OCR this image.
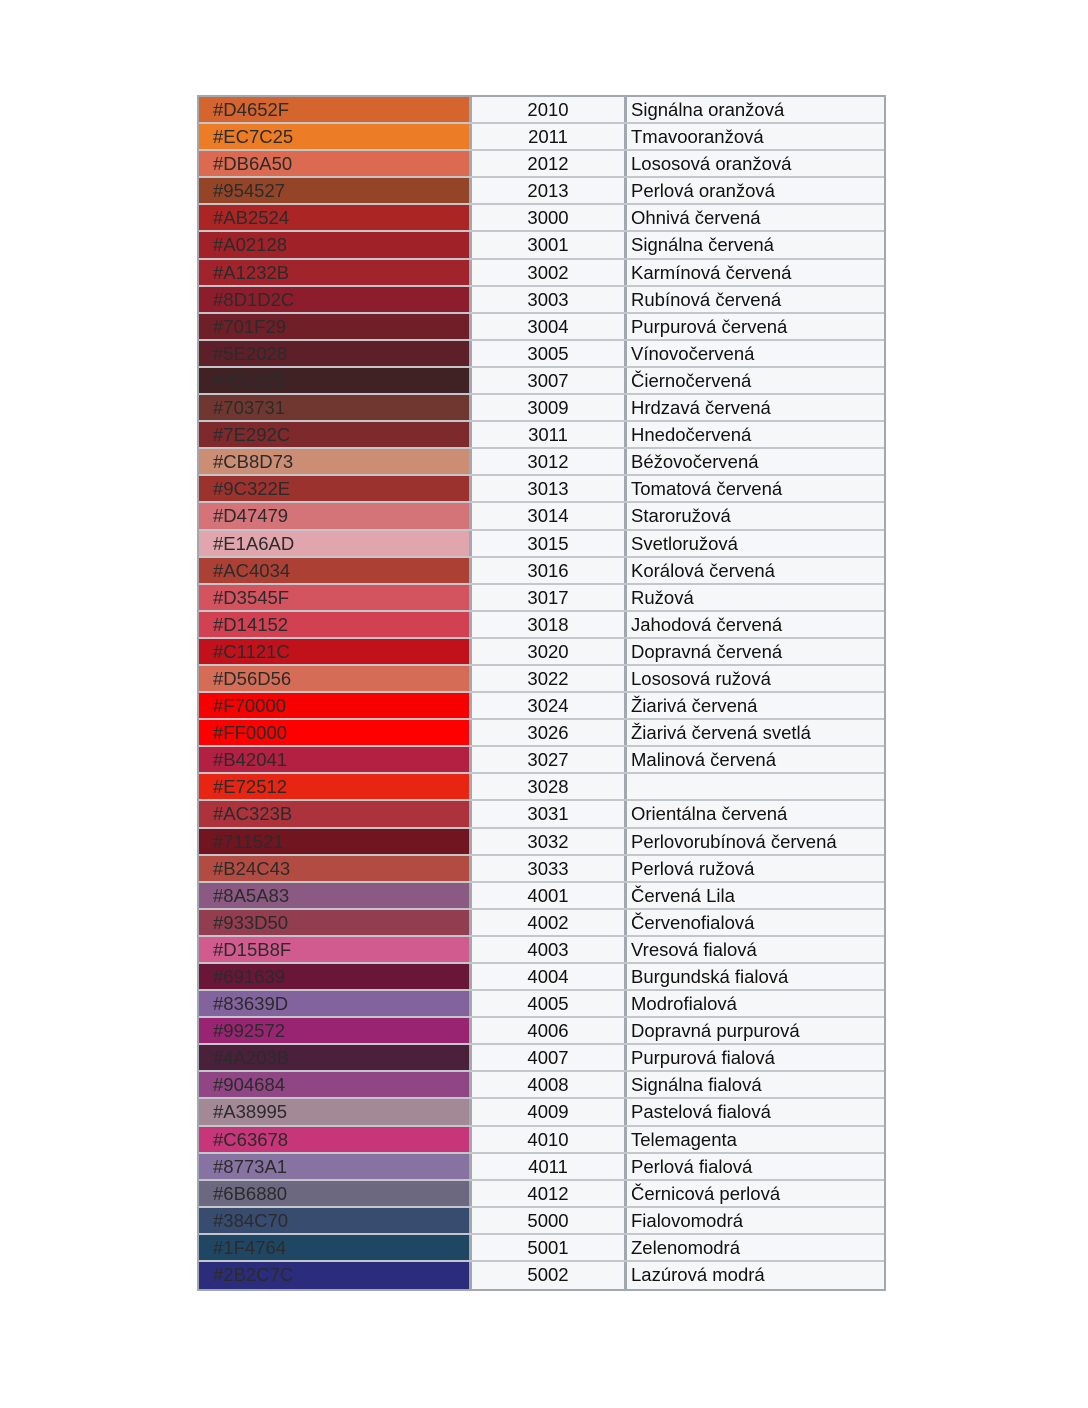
#D4652F	2010	Signálna oranžová
#EC7C25	2011	Tmavooranžová
#DB6A50	2012	Lososová oranžová
#954527	2013	Perlová oranžová
#AB2524	3000	Ohnivá červená
#A02128	3001	Signálna červená
#A1232B	3002	Karmínová červená
#8D1D2C	3003	Rubínová červená
#701F29	3004	Purpurová červená
#5E2028	3005	Vínovočervená
#402225	3007	Čiernočervená
#703731	3009	Hrdzavá červená
#7E292C	3011	Hnedočervená
#CB8D73	3012	Béžovočervená
#9C322E	3013	Tomatová červená
#D47479	3014	Staroružová
#E1A6AD	3015	Svetloružová
#AC4034	3016	Korálová červená
#D3545F	3017	Ružová
#D14152	3018	Jahodová červená
#C1121C	3020	Dopravná červená
#D56D56	3022	Lososová ružová
#F70000	3024	Žiarivá červená
#FF0000	3026	Žiarivá červená svetlá
#B42041	3027	Malinová červená
#E72512	3028
#AC323B	3031	Orientálna červená
#711521	3032	Perlovorubínová červená
#B24C43	3033	Perlová ružová
#8A5A83	4001	Červená Lila
#933D50	4002	Červenofialová
#D15B8F	4003	Vresová fialová
#691639	4004	Burgundská fialová
#83639D	4005	Modrofialová
#992572	4006	Dopravná purpurová
#4A203B	4007	Purpurová fialová
#904684	4008	Signálna fialová
#A38995	4009	Pastelová fialová
#C63678	4010	Telemagenta
#8773A1	4011	Perlová fialová
#6B6880	4012	Černicová perlová
#384C70	5000	Fialovomodrá
#1F4764	5001	Zelenomodrá
#2B2C7C	5002	Lazúrová modrá
